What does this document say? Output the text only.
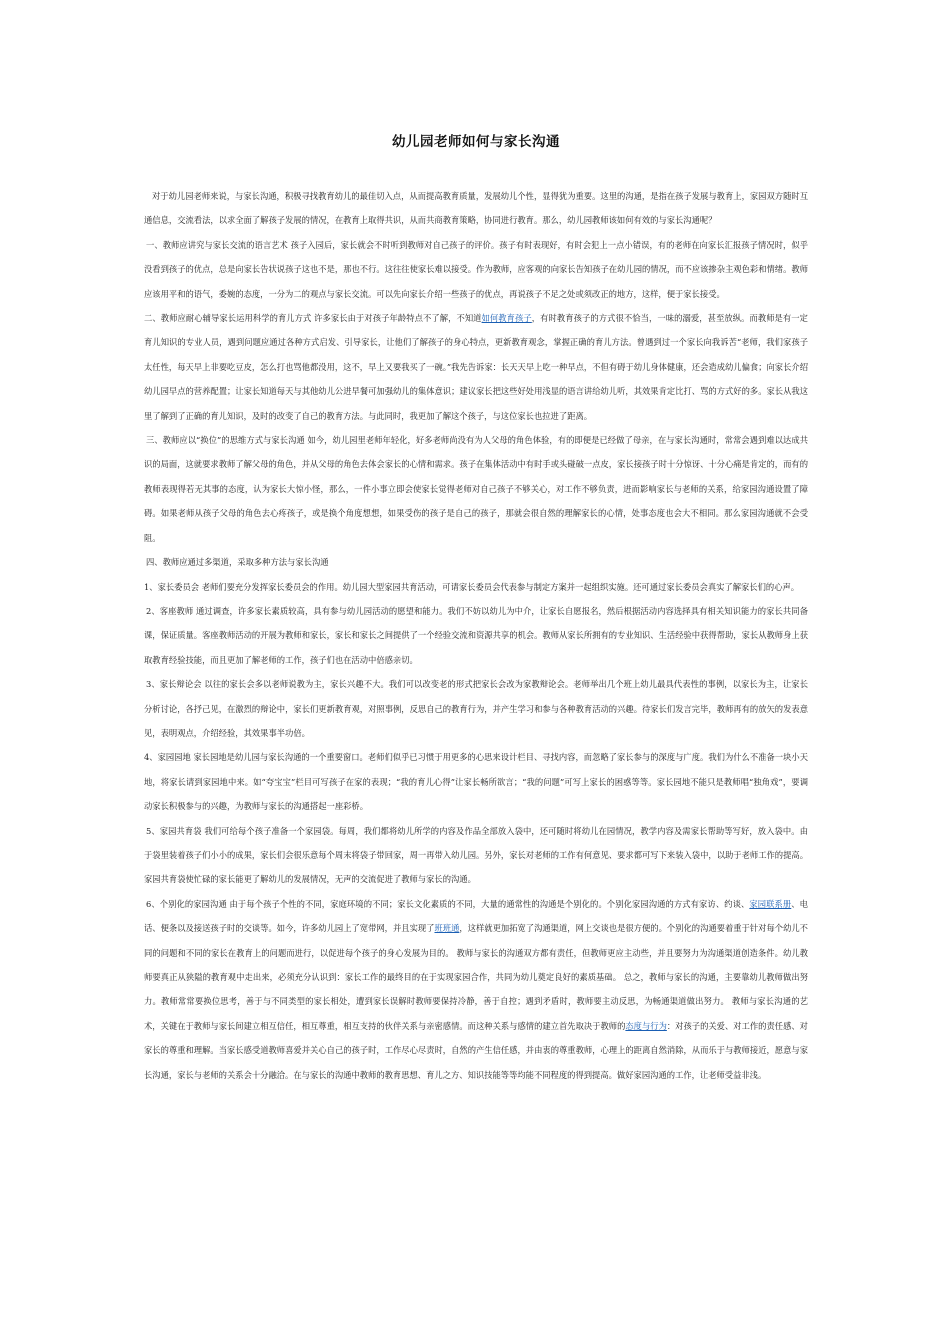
幼儿园老师如何与家长沟通

对于幼儿园老师来说，与家长沟通，积极寻找教育幼儿的最佳切入点，从而提高教育质量，发展幼儿个性，显得犹为重要。这里的沟通，是指在孩子发展与教育上，家园双方随时互通信息，交流看法，以求全面了解孩子发展的情况，在教育上取得共识，从而共商教育策略，协同进行教育。那么，幼儿园教师该如何有效的与家长沟通呢？

一、教师应讲究与家长交流的语言艺术 孩子入园后，家长就会不时听到教师对自己孩子的评价。孩子有时表现好，有时会犯上一点小错误，有的老师在向家长汇报孩子情况时，似乎没看到孩子的优点，总是向家长告状说孩子这也不是，那也不行。这往往使家长难以接受。作为教师，应客观的向家长告知孩子在幼儿园的情况，而不应该掺杂主观色彩和情绪。教师应该用平和的语气，委婉的态度，一分为二的观点与家长交流。可以先向家长介绍一些孩子的优点，再说孩子不足之处或须改正的地方，这样，便于家长接受。

二、教师应耐心辅导家长运用科学的育儿方式 许多家长由于对孩子年龄特点不了解，不知道如何教育孩子，有时教育孩子的方式很不恰当，一味的溺爱，甚至放纵。而教师是有一定育儿知识的专业人员，遇到问题应通过各种方式启发、引导家长，让他们了解孩子的身心特点，更新教育观念，掌握正确的育儿方法。曾遇到过一个家长向我诉苦“老师，我们家孩子太任性，每天早上非要吃豆皮，怎么打也骂他都没用，这不，早上又要我买了一碗。”我先告诉家：长天天早上吃一种早点，不但有碍于幼儿身体健康，还会造成幼儿偏食；向家长介绍幼儿园早点的营养配置；让家长知道每天与其他幼儿公进早餐可加强幼儿的集体意识；建议家长把这些好处用浅显的语言讲给幼儿听，其效果肯定比打、骂的方式好的多。家长从我这里了解到了正确的育儿知识，及时的改变了自己的教育方法。与此同时，我更加了解这个孩子，与这位家长也拉进了距离。

三、教师应以“换位”的思维方式与家长沟通 如今，幼儿园里老师年轻化，好多老师尚没有为人父母的角色体验，有的即便是已经做了母亲，在与家长沟通时，常常会遇到难以达成共识的局面，这就要求教师了解父母的角色，并从父母的角色去体会家长的心情和需求。孩子在集体活动中有时手或头碰破一点皮，家长接孩子时十分惊讶、十分心痛是肯定的，而有的教师表现得若无其事的态度，认为家长大惊小怪，那么，一件小事立即会使家长觉得老师对自己孩子不够关心，对工作不够负责，进而影响家长与老师的关系，给家园沟通设置了障碍。如果老师从孩子父母的角色去心疼孩子，或是换个角度想想，如果受伤的孩子是自己的孩子，那就会很自然的理解家长的心情，处事态度也会大不相同。那么家园沟通就不会受阻。

四、教师应通过多渠道，采取多种方法与家长沟通

1、家长委员会 老师们要充分发挥家长委员会的作用。幼儿园大型家园共育活动，可请家长委员会代表参与制定方案并一起组织实施。还可通过家长委员会真实了解家长们的心声。

2、客座教师 通过调查，许多家长素质较高，具有参与幼儿园活动的愿望和能力。我们不妨以幼儿为中介，让家长自愿报名，然后根据活动内容选择具有相关知识能力的家长共同备课，保证质量。客座教师活动的开展为教师和家长，家长和家长之间提供了一个经验交流和资源共享的机会。教师从家长所拥有的专业知识、生活经验中获得帮助，家长从教师身上获取教育经验技能，而且更加了解老师的工作，孩子们也在活动中倍感亲切。

3、家长辩论会 以往的家长会多以老师说教为主，家长兴趣不大。我们可以改变老的形式把家长会改为家教辩论会。老师举出几个班上幼儿最具代表性的事例，以家长为主，让家长分析讨论，各抒己见，在激烈的辩论中，家长们更新教育观，对照事例，反思自己的教育行为，并产生学习和参与各种教育活动的兴趣。待家长们发言完毕，教师再有的放矢的发表意见，表明观点，介绍经验，其效果事半功倍。

4、家园园地 家长园地是幼儿园与家长沟通的一个重要窗口。老师们似乎已习惯于用更多的心思来设计栏目、寻找内容，而忽略了家长参与的深度与广度。我们为什么不准备一块小天地，将家长请到家园地中来。如“夸宝宝”栏目可写孩子在家的表现；“我的育儿心得”让家长畅所欲言；“我的问题”可写上家长的困惑等等。家长园地不能只是教师唱“独角戏”，要调动家长积极参与的兴趣，为教师与家长的沟通搭起一座彩桥。

5、家园共育袋 我们可给每个孩子准备一个家园袋。每周，我们都将幼儿所学的内容及作品全部放入袋中，还可随时将幼儿在园情况，教学内容及需家长帮助等写好，放入袋中。由于袋里装着孩子们小小的成果，家长们会很乐意每个周末将袋子带回家，周一再带入幼儿园。另外，家长对老师的工作有何意见、要求都可写下来装入袋中，以助于老师工作的提高。家园共育袋使忙碌的家长能更了解幼儿的发展情况，无声的交流促进了教师与家长的沟通。

6、个别化的家园沟通 由于每个孩子个性的不同，家庭环境的不同；家长文化素质的不同，大量的通常性的沟通是个别化的。个别化家园沟通的方式有家访、约谈、家园联系册、电话、便条以及接送孩子时的交谈等。如今，许多幼儿园上了宽带网，并且实现了班班通，这样就更加拓宽了沟通渠道，网上交谈也是很方便的。个别化的沟通要着重于针对每个幼儿不同的问题和不同的家长在教育上的问题而进行，以促进每个孩子的身心发展为目的。 教师与家长的沟通双方都有责任，但教师更应主动些，并且要努力为沟通渠道创造条件。幼儿教师要真正从狭隘的教育观中走出来，必须充分认识到：家长工作的最终目的在于实现家园合作，共同为幼儿奠定良好的素质基础。 总之，教师与家长的沟通，主要靠幼儿教师做出努力。教师常常要换位思考，善于与不同类型的家长相处，遭到家长误解时教师要保持冷静，善于自控；遇到矛盾时，教师要主动反思，为畅通渠道做出努力。 教师与家长沟通的艺术，关键在于教师与家长间建立相互信任，相互尊重，相互支持的伙伴关系与亲密感情。而这种关系与感情的建立首先取决于教师的态度与行为：对孩子的关爱、对工作的责任感、对家长的尊重和理解。当家长感受道教师喜爱并关心自己的孩子时，工作尽心尽责时，自然的产生信任感，并由衷的尊重教师，心理上的距离自然消除，从而乐于与教师接近，愿意与家长沟通，家长与老师的关系会十分融洽。在与家长的沟通中教师的教育思想、育儿之方、知识技能等等均能不同程度的得到提高。做好家园沟通的工作，让老师受益非浅。
